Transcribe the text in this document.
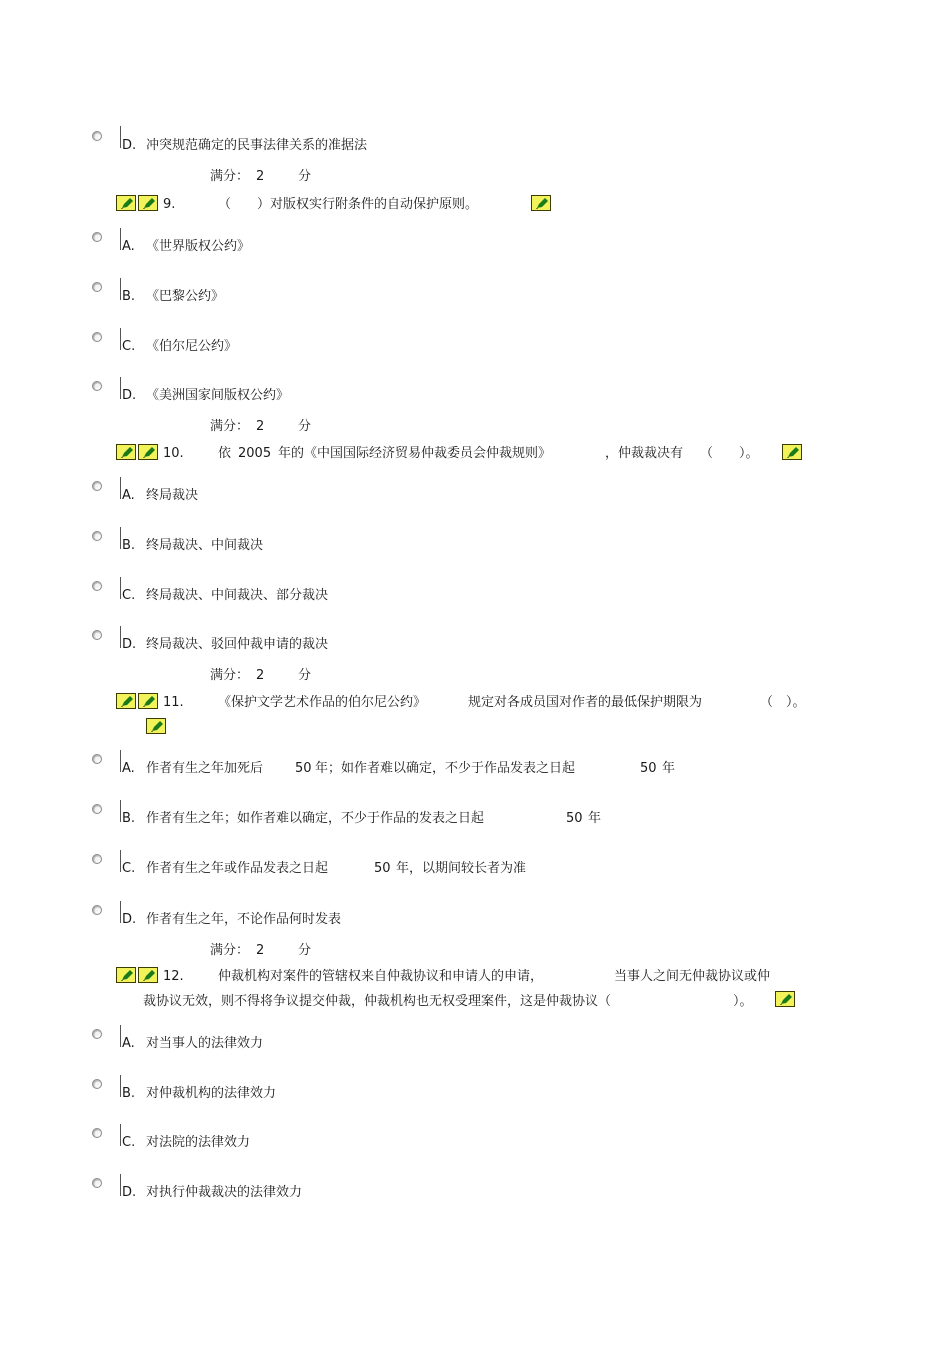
D. 冲突规范确定的民事法律关系的准据法
满分： 2	分
9.	（　　）对版权实行附条件的自动保护原则。
A. 《世界版权公约》
B. 《巴黎公约》
C. 《伯尔尼公约》
D. 《美洲国家间版权公约》
满分： 2	分
10.	依 2005 年的《中国国际经济贸易仲裁委员会仲裁规则》	，仲裁裁决有 （　　）。
A. 终局裁决
B. 终局裁决、中间裁决
C. 终局裁决、中间裁决、部分裁决
D. 终局裁决、驳回仲裁申请的裁决
满分： 2	分
11.	《保护文学艺术作品的伯尔尼公约》	规定对各成员国对作者的最低保护期限为	（　）。
A. 作者有生之年加死后 50 年；如作者难以确定，不少于作品发表之日起	50 年
B. 作者有生之年；如作者难以确定，不少于作品的发表之日起	50 年
C. 作者有生之年或作品发表之日起	50 年，以期间较长者为准
D. 作者有生之年，不论作品何时发表
满分： 2	分
12.	仲裁机构对案件的管辖权来自仲裁协议和申请人的申请，	当事人之间无仲裁协议或仲
裁协议无效，则不得将争议提交仲裁，仲裁机构也无权受理案件，这是仲裁协议（	）。
A. 对当事人的法律效力
B. 对仲裁机构的法律效力
C. 对法院的法律效力
D. 对执行仲裁裁决的法律效力
